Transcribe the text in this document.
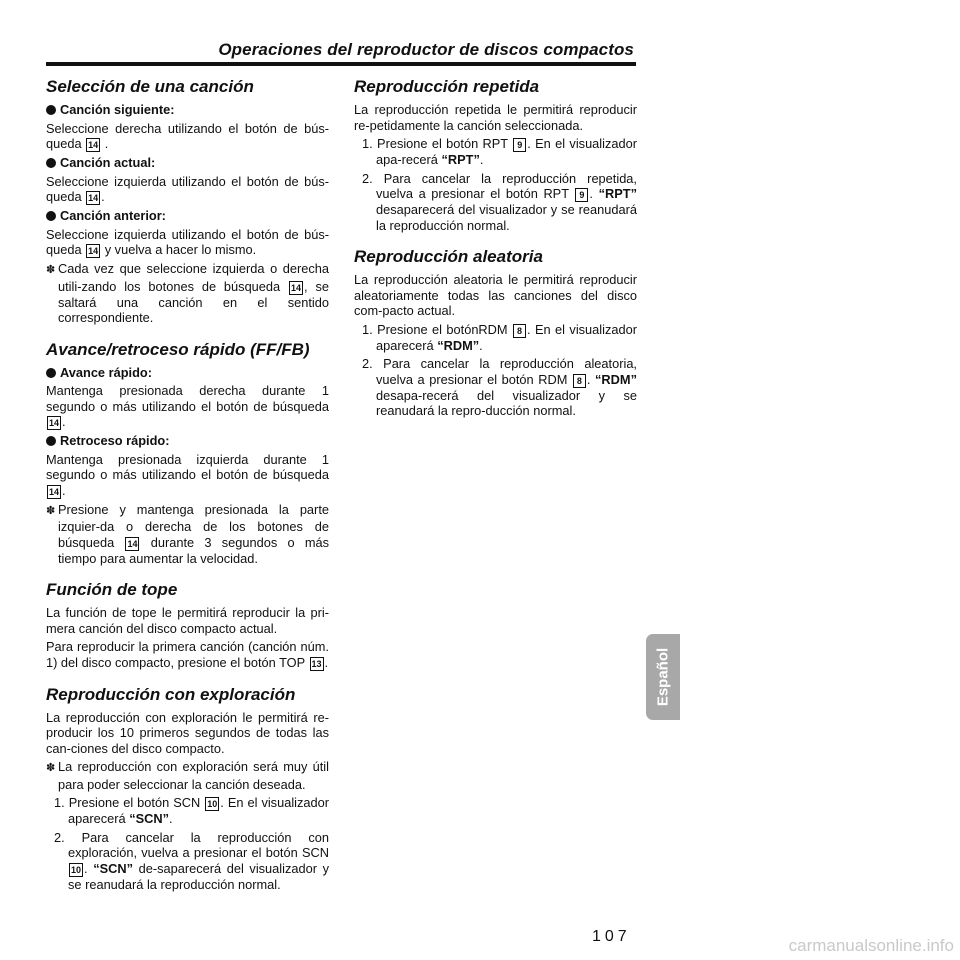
Operaciones del reproductor de discos compactos
Selección de una canción

Canción siguiente:

Seleccione derecha utilizando el botón de bús-queda 14 .

Canción actual:

Seleccione izquierda utilizando el botón de bús-queda 14 .

Canción anterior:

Seleccione izquierda utilizando el botón de bús-queda 14 y vuelva a hacer lo mismo.

✽ Cada vez que seleccione izquierda o derecha utili-zando los botones de búsqueda 14 , se saltará una canción en el sentido correspondiente.

Avance/retroceso rápido (FF/FB)

Avance rápido:

Mantenga presionada derecha durante 1 segundo o más utilizando el botón de búsqueda 14 .

Retroceso rápido:

Mantenga presionada izquierda durante 1 segundo o más utilizando el botón de búsqueda 14 .

✽ Presione y mantenga presionada la parte izquier-da o derecha de los botones de búsqueda 14 durante 3 segundos o más tiempo para aumentar la velocidad.

Función de tope

La función de tope le permitirá reproducir la pri-mera canción del disco compacto actual.

Para reproducir la primera canción (canción núm. 1) del disco compacto, presione el botón TOP 13 .

Reproducción con exploración

La reproducción con exploración le permitirá re-producir los 10 primeros segundos de todas las can-ciones del disco compacto.

✽ La reproducción con exploración será muy útil para poder seleccionar la canción deseada.

1. Presione el botón SCN 10 . En el visualizador aparecerá “SCN”.

2. Para cancelar la reproducción con exploración, vuelva a presionar el botón SCN 10 . “SCN” de-saparecerá del visualizador y se reanudará la reproducción normal.

Reproducción repetida

La reproducción repetida le permitirá reproducir re-petidamente la canción seleccionada.

1. Presione el botón RPT 9 . En el visualizador apa-recerá “RPT”.

2. Para cancelar la reproducción repetida, vuelva a presionar el botón RPT 9 . “RPT” desaparecerá del visualizador y se reanudará la reproducción normal.

Reproducción aleatoria

La reproducción aleatoria le permitirá reproducir aleatoriamente todas las canciones del disco com-pacto actual.

1. Presione el botónRDM 8 . En el visualizador aparecerá “RDM”.

2. Para cancelar la reproducción aleatoria, vuelva a presionar el botón RDM 8 . “RDM” desapa-recerá del visualizador y se reanudará la repro-ducción normal.

Español
107	carmanualsonline.info
